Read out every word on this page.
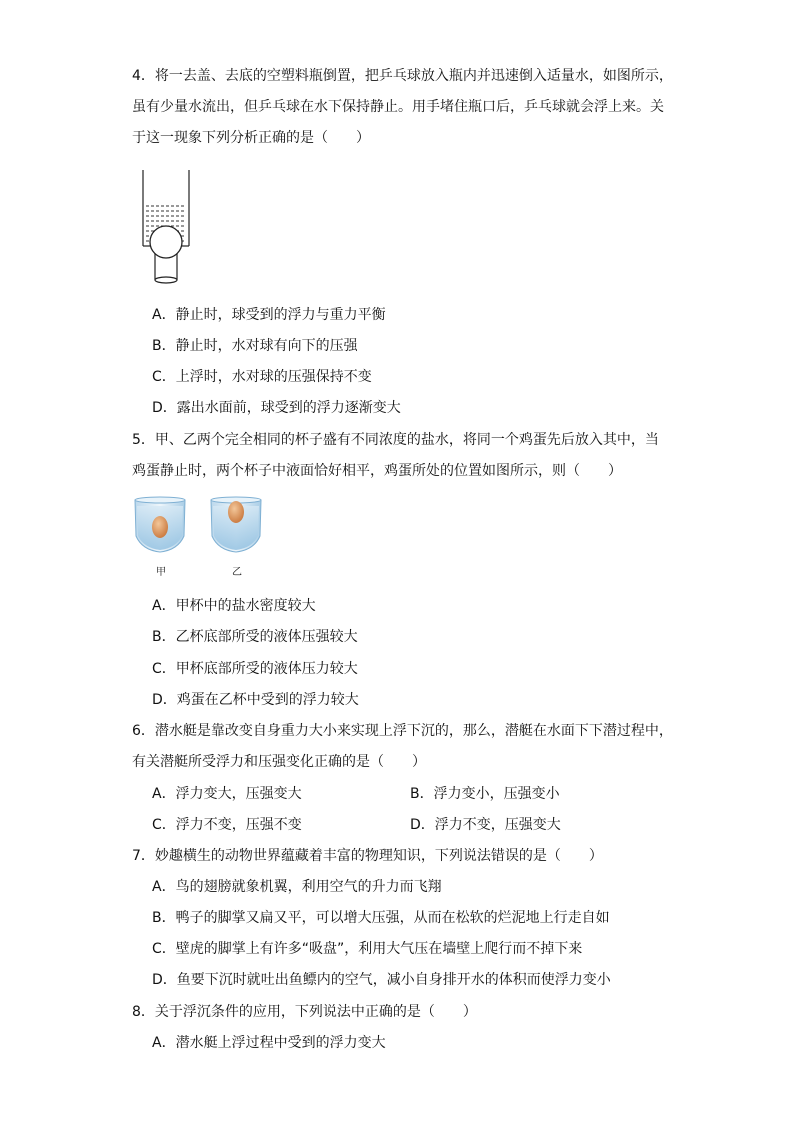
4．将一去盖、去底的空塑料瓶倒置，把乒乓球放入瓶内并迅速倒入适量水，如图所示，
虽有少量水流出，但乒乓球在水下保持静止。用手堵住瓶口后，乒乓球就会浮上来。关
于这一现象下列分析正确的是（　　）
A．静止时，球受到的浮力与重力平衡
B．静止时，水对球有向下的压强
C．上浮时，水对球的压强保持不变
D．露出水面前，球受到的浮力逐渐变大
5．甲、乙两个完全相同的杯子盛有不同浓度的盐水，将同一个鸡蛋先后放入其中，当
鸡蛋静止时，两个杯子中液面恰好相平，鸡蛋所处的位置如图所示，则（　　）
甲	乙
A．甲杯中的盐水密度较大
B．乙杯底部所受的液体压强较大
C．甲杯底部所受的液体压力较大
D．鸡蛋在乙杯中受到的浮力较大
6．潜水艇是靠改变自身重力大小来实现上浮下沉的，那么，潜艇在水面下下潜过程中，
有关潜艇所受浮力和压强变化正确的是（　　）
A．浮力变大，压强变大	B．浮力变小，压强变小
C．浮力不变，压强不变	D．浮力不变，压强变大
7．妙趣横生的动物世界蕴藏着丰富的物理知识，下列说法错误的是（　　）
A．鸟的翅膀就象机翼，利用空气的升力而飞翔
B．鸭子的脚掌又扁又平，可以增大压强，从而在松软的烂泥地上行走自如
C．壁虎的脚掌上有许多“吸盘”，利用大气压在墙壁上爬行而不掉下来
D．鱼要下沉时就吐出鱼鳔内的空气，减小自身排开水的体积而使浮力变小
8．关于浮沉条件的应用，下列说法中正确的是（　　）
A．潜水艇上浮过程中受到的浮力变大
